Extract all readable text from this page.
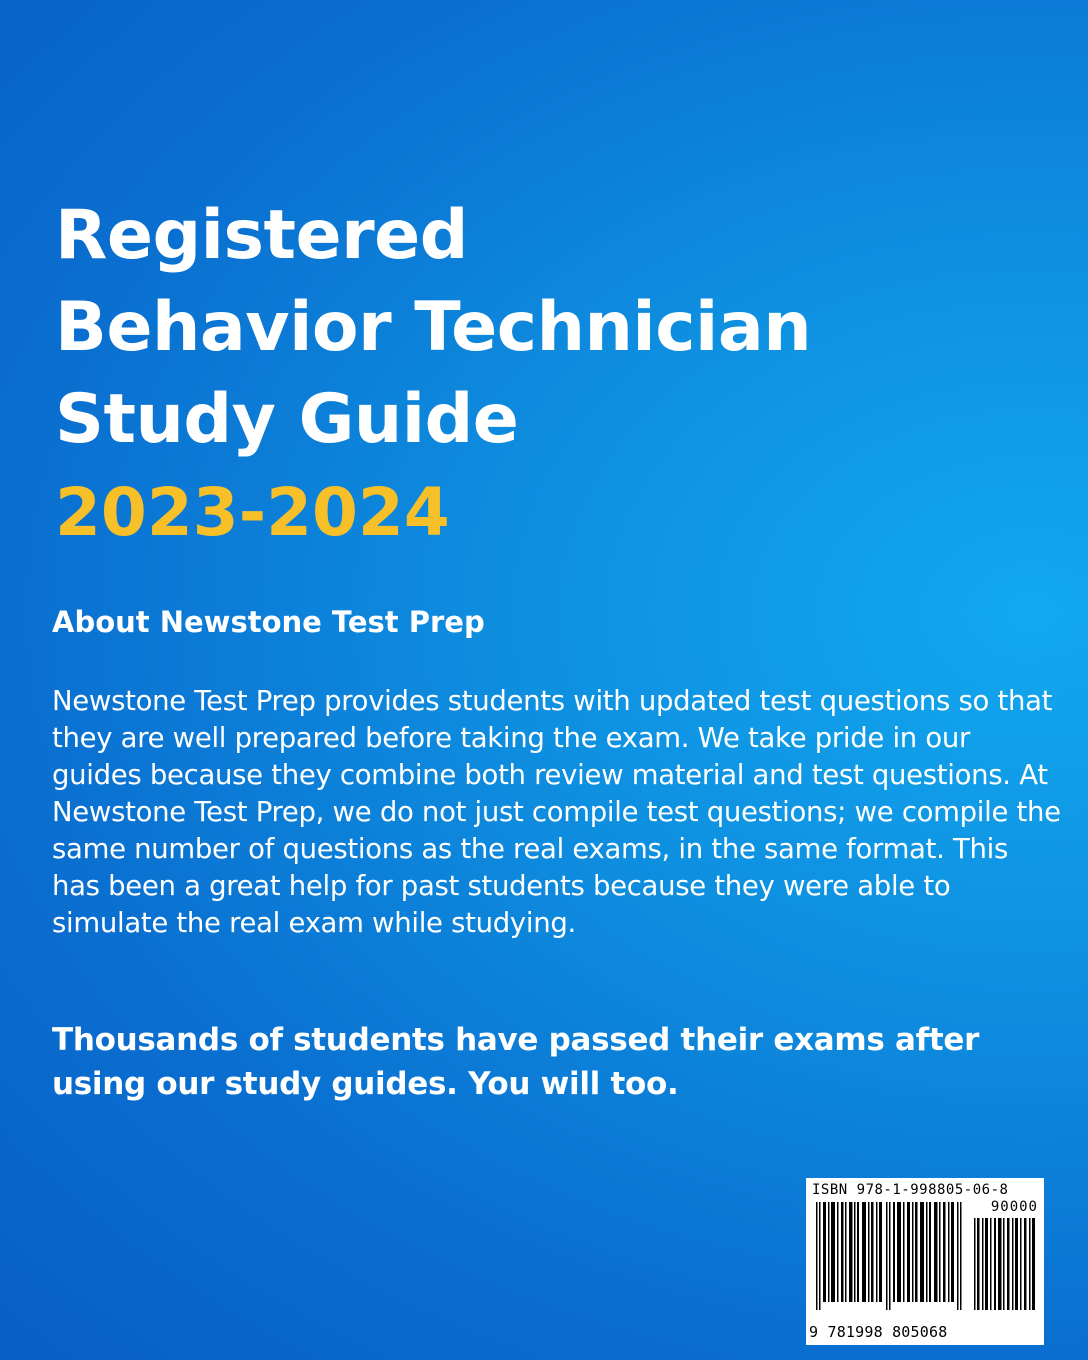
Registered
Behavior Technician
Study Guide
2023-2024
About Newstone Test Prep

Newstone Test Prep provides students with updated test questions so that they are well prepared before taking the exam. We take pride in our guides because they combine both review material and test questions. At Newstone Test Prep, we do not just compile test questions; we compile the same number of questions as the real exams, in the same format. This has been a great help for past students because they were able to simulate the real exam while studying.

Thousands of students have passed their exams after using our study guides. You will too.

ISBN 978-1-998805-06-8
90000
9 781998 805068
